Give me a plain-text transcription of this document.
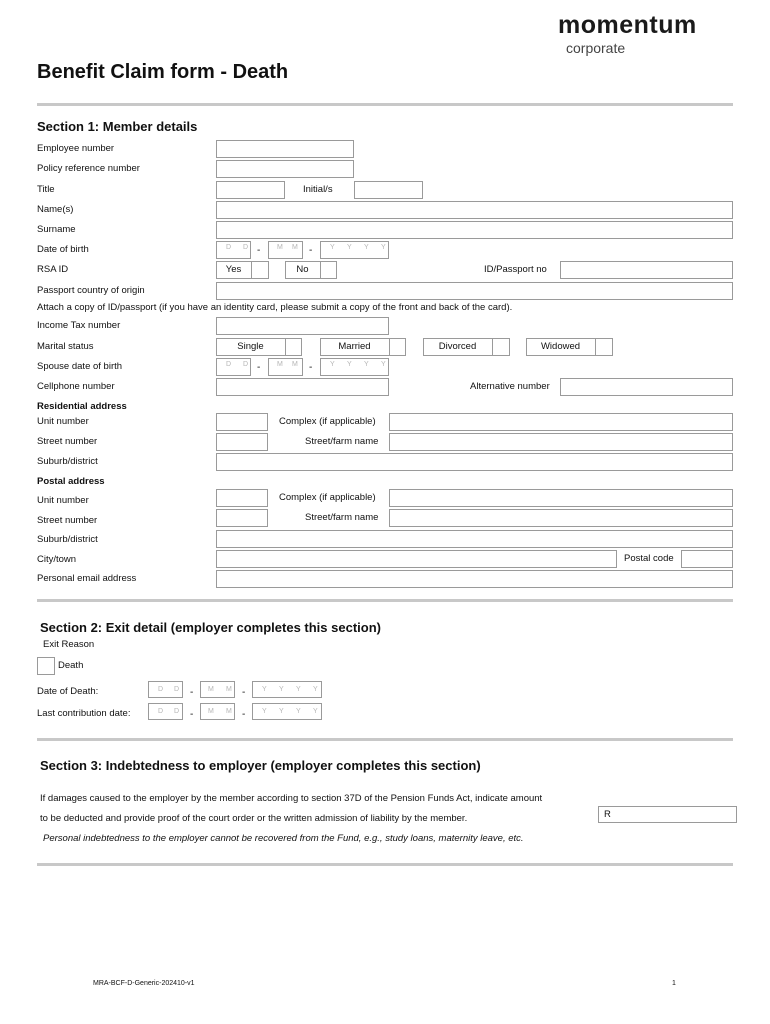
momentum
corporate
Benefit Claim form - Death
Section 1: Member details
Employee number
Policy reference number
Title	Initial/s
Name(s)
Surname
Date of birth	D D - M M -	Y Y Y Y
RSA ID	Yes	No	ID/Passport no
Passport country of origin
Attach a copy of ID/passport (if you have an identity card, please submit a copy of the front and back of the card).
Income Tax number
Marital status	Single	Married	Divorced	Widowed
Spouse date of birth	D D - M M -	Y Y Y Y
Cellphone number	Alternative number
Residential address
Unit number	Complex (if applicable)
Street number	Street/farm name
Suburb/district
Postal address
Unit number	Complex (if applicable)
Street number	Street/farm name
Suburb/district
City/town	Postal code
Personal email address
Section 2: Exit detail (employer completes this section)
Exit Reason
Death
Date of Death:	D D - M M - Y Y Y Y
Last contribution date:	D D - M M - Y Y Y Y
Section 3: Indebtedness to employer (employer completes this section)
If damages caused to the employer by the member according to section 37D of the Pension Funds Act, indicate amount
to be deducted and provide proof of the court order or the written admission of liability by the member.	R
Personal indebtedness to the employer cannot be recovered from the Fund, e.g., study loans, maternity leave, etc.
MRA-BCF-D-Generic-202410-v1	1
